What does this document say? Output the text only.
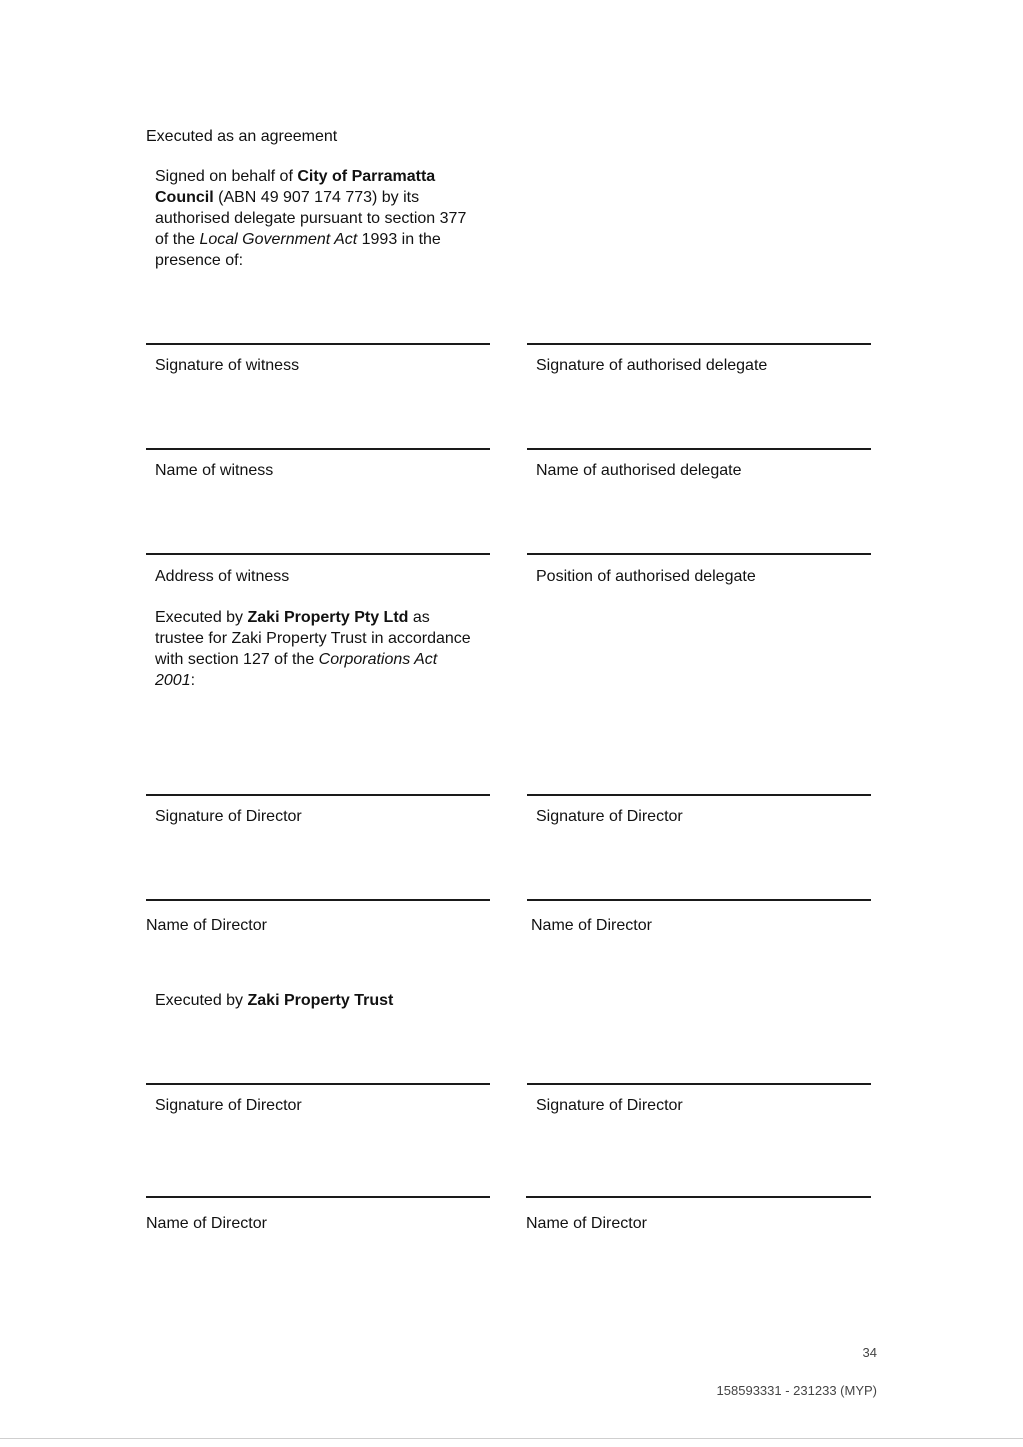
Executed as an agreement
Signed on behalf of City of Parramatta Council (ABN 49 907 174 773) by its authorised delegate pursuant to section 377 of the Local Government Act 1993 in the presence of:
Signature of witness	Signature of authorised delegate
Name of witness	Name of authorised delegate
Address of witness	Position of authorised delegate
Executed by Zaki Property Pty Ltd as trustee for Zaki Property Trust in accordance with section 127 of the Corporations Act 2001:
Signature of Director	Signature of Director
Name of Director	Name of Director
Executed by Zaki Property Trust
Signature of Director	Signature of Director
Name of Director	Name of Director
34
158593331 - 231233 (MYP)
